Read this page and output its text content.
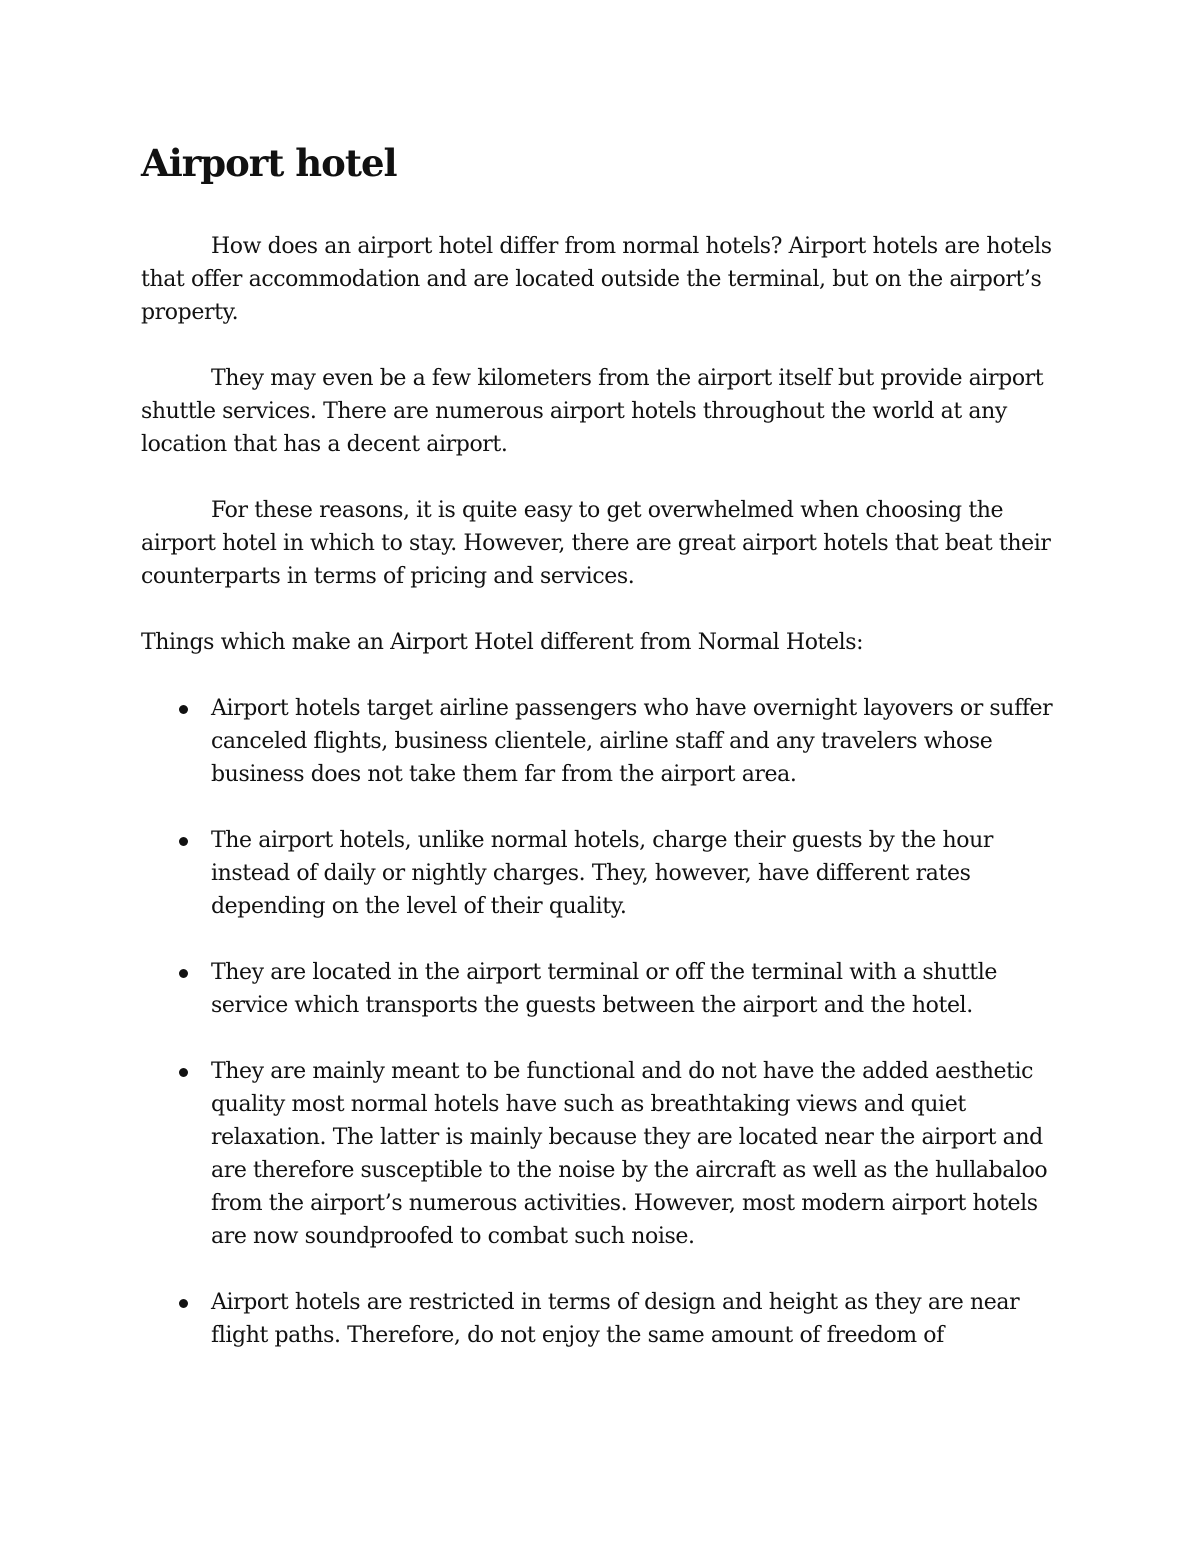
Airport hotel

How does an airport hotel differ from normal hotels? Airport hotels are hotels that offer accommodation and are located outside the terminal, but on the airport’s property.

They may even be a few kilometers from the airport itself but provide airport shuttle services. There are numerous airport hotels throughout the world at any location that has a decent airport.

For these reasons, it is quite easy to get overwhelmed when choosing the airport hotel in which to stay. However, there are great airport hotels that beat their counterparts in terms of pricing and services.

Things which make an Airport Hotel different from Normal Hotels:

Airport hotels target airline passengers who have overnight layovers or suffer canceled flights, business clientele, airline staff and any travelers whose business does not take them far from the airport area.
The airport hotels, unlike normal hotels, charge their guests by the hour instead of daily or nightly charges. They, however, have different rates depending on the level of their quality.
They are located in the airport terminal or off the terminal with a shuttle service which transports the guests between the airport and the hotel.
They are mainly meant to be functional and do not have the added aesthetic quality most normal hotels have such as breathtaking views and quiet relaxation. The latter is mainly because they are located near the airport and are therefore susceptible to the noise by the aircraft as well as the hullabaloo from the airport’s numerous activities. However, most modern airport hotels are now soundproofed to combat such noise.
Airport hotels are restricted in terms of design and height as they are near flight paths. Therefore, do not enjoy the same amount of freedom of
